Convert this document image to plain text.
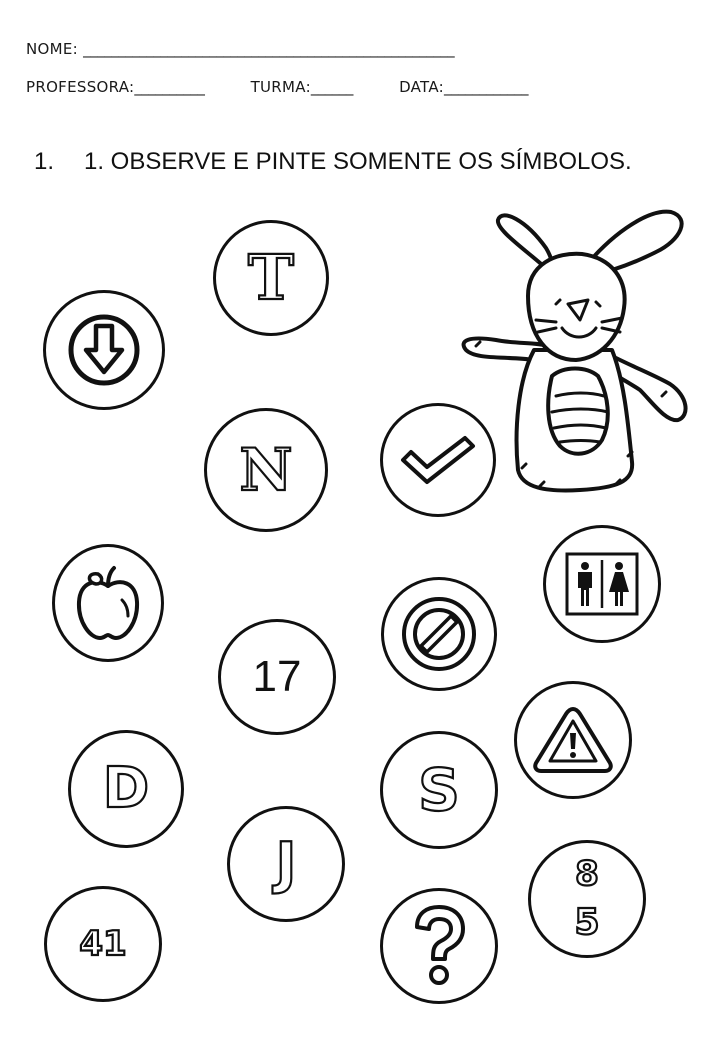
NOME: _____________________________________________________
PROFESSORA:__________	TURMA:______	DATA:____________
1. 1. OBSERVE E PINTE SOMENTE OS SÍMBOLOS.
T
N
17
D	S
J	8
5
41
